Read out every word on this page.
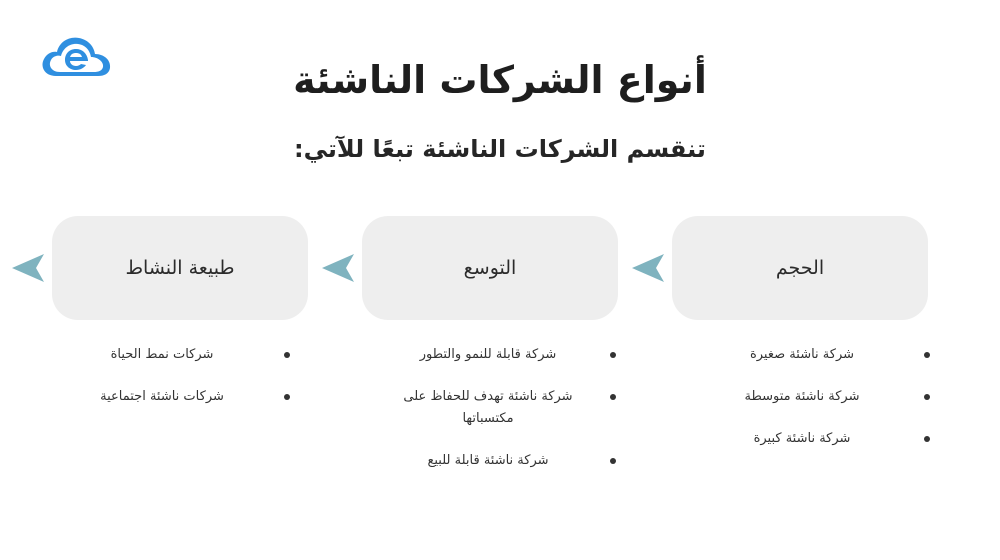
أنواع الشركات الناشئة
تنقسم الشركات الناشئة تبعًا للآتي:
الحجم
شركة ناشئة صغيرة
شركة ناشئة متوسطة
شركة ناشئة كبيرة
التوسع
شركة قابلة للنمو والتطور
شركة ناشئة تهدف للحفاظ على مكتسباتها
شركة ناشئة قابلة للبيع
طبيعة النشاط
شركات نمط الحياة
شركات ناشئة اجتماعية
